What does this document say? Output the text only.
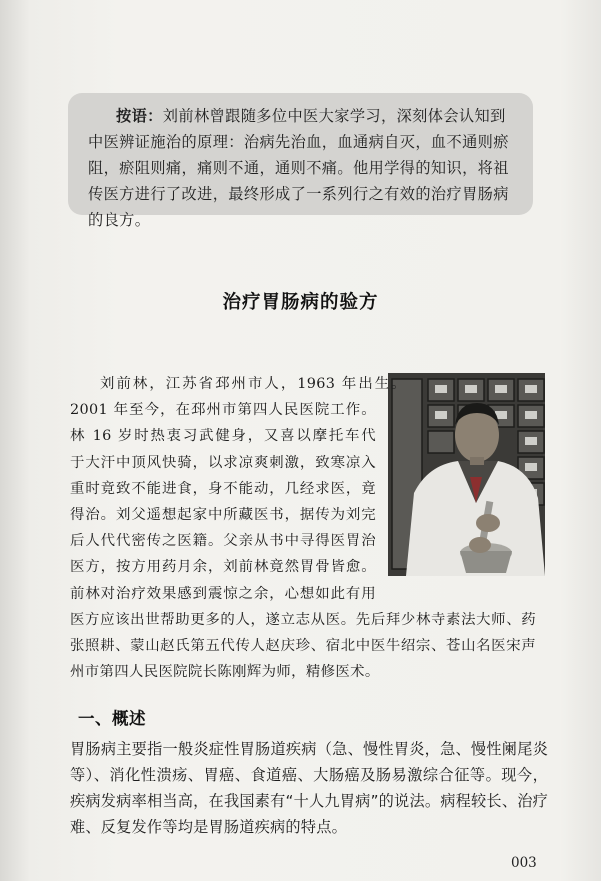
按语：刘前林曾跟随多位中医大家学习，深刻体会认知到中医辨证施治的原理：治病先治血，血通病自灭，血不通则瘀阻，瘀阻则痛，痛则不通，通则不痛。他用学得的知识，将祖传医方进行了改进，最终形成了一系列行之有效的治疗胃肠病的良方。
治疗胃肠病的验方
刘前林，江苏省邳州市人，1963 年出生。
2001 年至今，在邳州市第四人民医院工作。
林 16 岁时热衷习武健身，又喜以摩托车代
于大汗中顶风快骑，以求凉爽刺激，致寒凉入
重时竟致不能进食，身不能动，几经求医，竟
得治。刘父遥想起家中所藏医书，据传为刘完
后人代代密传之医籍。父亲从书中寻得医胃治
医方，按方用药月余，刘前林竟然胃骨皆愈。
前林对治疗效果感到震惊之余，心想如此有用
医方应该出世帮助更多的人，遂立志从医。先后拜少林寺素法大师、药
张照耕、蒙山赵氏第五代传人赵庆珍、宿北中医牛绍宗、苍山名医宋声
州市第四人民医院院长陈刚辉为师，精修医术。
一、概述
胃肠病主要指一般炎症性胃肠道疾病（急、慢性胃炎，急、慢性阑尾炎
等）、消化性溃疡、胃癌、食道癌、大肠癌及肠易激综合征等。现今，
疾病发病率相当高，在我国素有“十人九胃病”的说法。病程较长、治疗
难、反复发作等均是胃肠道疾病的特点。
003
